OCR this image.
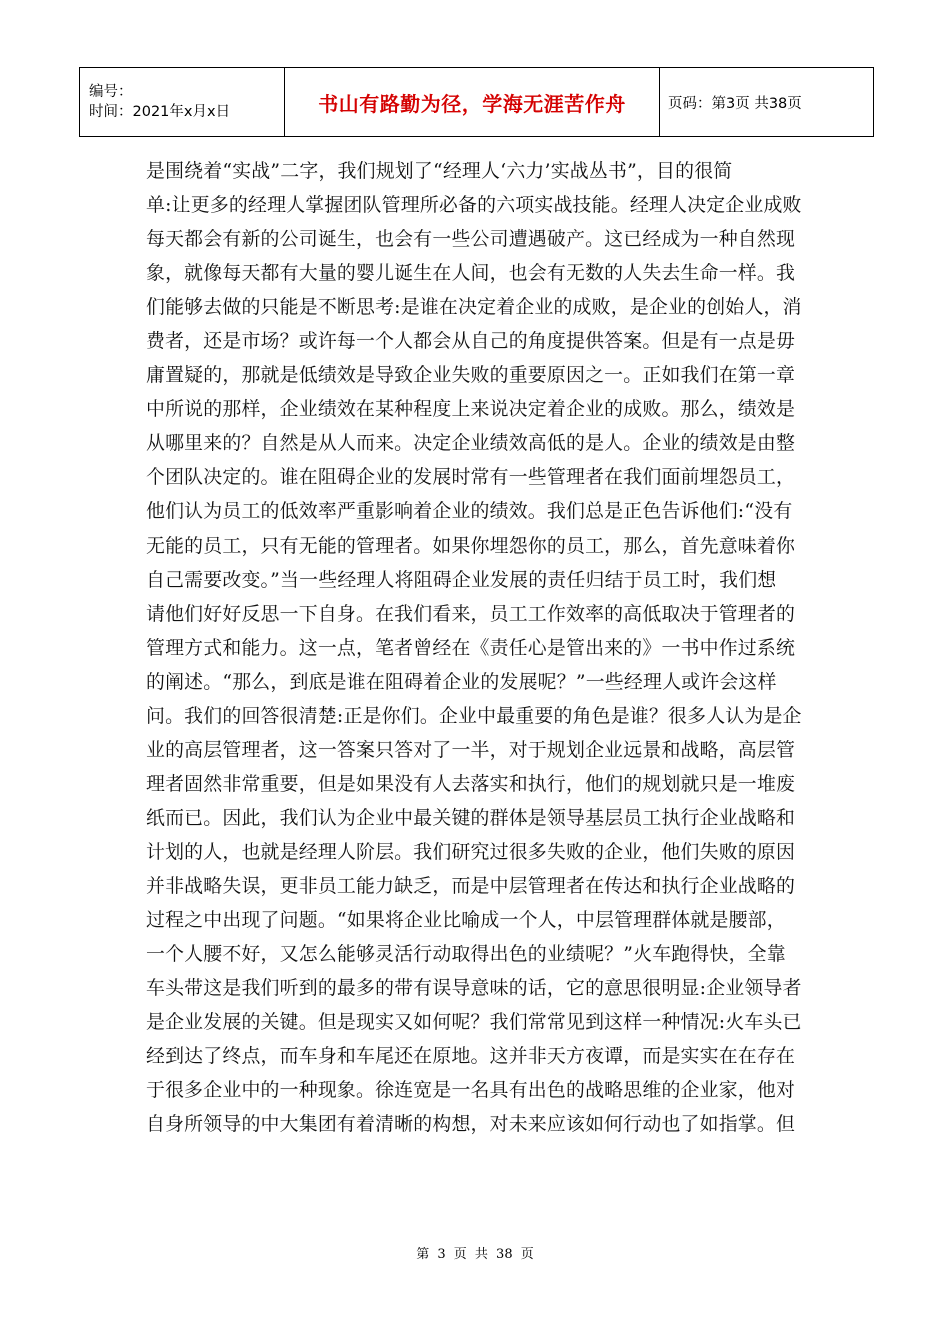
编号：
时间：2021年x月x日	书山有路勤为径，学海无涯苦作舟	页码：第3页 共38页
是围绕着“实战”二字，我们规划了“经理人‘六力’实战丛书”，目的很简
单:让更多的经理人掌握团队管理所必备的六项实战技能。经理人决定企业成败
每天都会有新的公司诞生，也会有一些公司遭遇破产。这已经成为一种自然现
象，就像每天都有大量的婴儿诞生在人间，也会有无数的人失去生命一样。我
们能够去做的只能是不断思考:是谁在决定着企业的成败，是企业的创始人，消
费者，还是市场？或许每一个人都会从自己的角度提供答案。但是有一点是毋
庸置疑的，那就是低绩效是导致企业失败的重要原因之一。正如我们在第一章
中所说的那样，企业绩效在某种程度上来说决定着企业的成败。那么，绩效是
从哪里来的？自然是从人而来。决定企业绩效高低的是人。企业的绩效是由整
个团队决定的。谁在阻碍企业的发展时常有一些管理者在我们面前埋怨员工，
他们认为员工的低效率严重影响着企业的绩效。我们总是正色告诉他们:“没有
无能的员工，只有无能的管理者。如果你埋怨你的员工，那么，首先意味着你
自己需要改变。”当一些经理人将阻碍企业发展的责任归结于员工时，我们想
请他们好好反思一下自身。在我们看来，员工工作效率的高低取决于管理者的
管理方式和能力。这一点，笔者曾经在《责任心是管出来的》一书中作过系统
的阐述。“那么，到底是谁在阻碍着企业的发展呢？”一些经理人或许会这样
问。我们的回答很清楚:正是你们。企业中最重要的角色是谁？很多人认为是企
业的高层管理者，这一答案只答对了一半，对于规划企业远景和战略，高层管
理者固然非常重要，但是如果没有人去落实和执行，他们的规划就只是一堆废
纸而已。因此，我们认为企业中最关键的群体是领导基层员工执行企业战略和
计划的人，也就是经理人阶层。我们研究过很多失败的企业，他们失败的原因
并非战略失误，更非员工能力缺乏，而是中层管理者在传达和执行企业战略的
过程之中出现了问题。“如果将企业比喻成一个人，中层管理群体就是腰部，
一个人腰不好，又怎么能够灵活行动取得出色的业绩呢？”火车跑得快，全靠
车头带这是我们听到的最多的带有误导意味的话，它的意思很明显:企业领导者
是企业发展的关键。但是现实又如何呢？我们常常见到这样一种情况:火车头已
经到达了终点，而车身和车尾还在原地。这并非天方夜谭，而是实实在在存在
于很多企业中的一种现象。徐连宽是一名具有出色的战略思维的企业家，他对
自身所领导的中大集团有着清晰的构想，对未来应该如何行动也了如指掌。但
第 3 页 共 38 页
